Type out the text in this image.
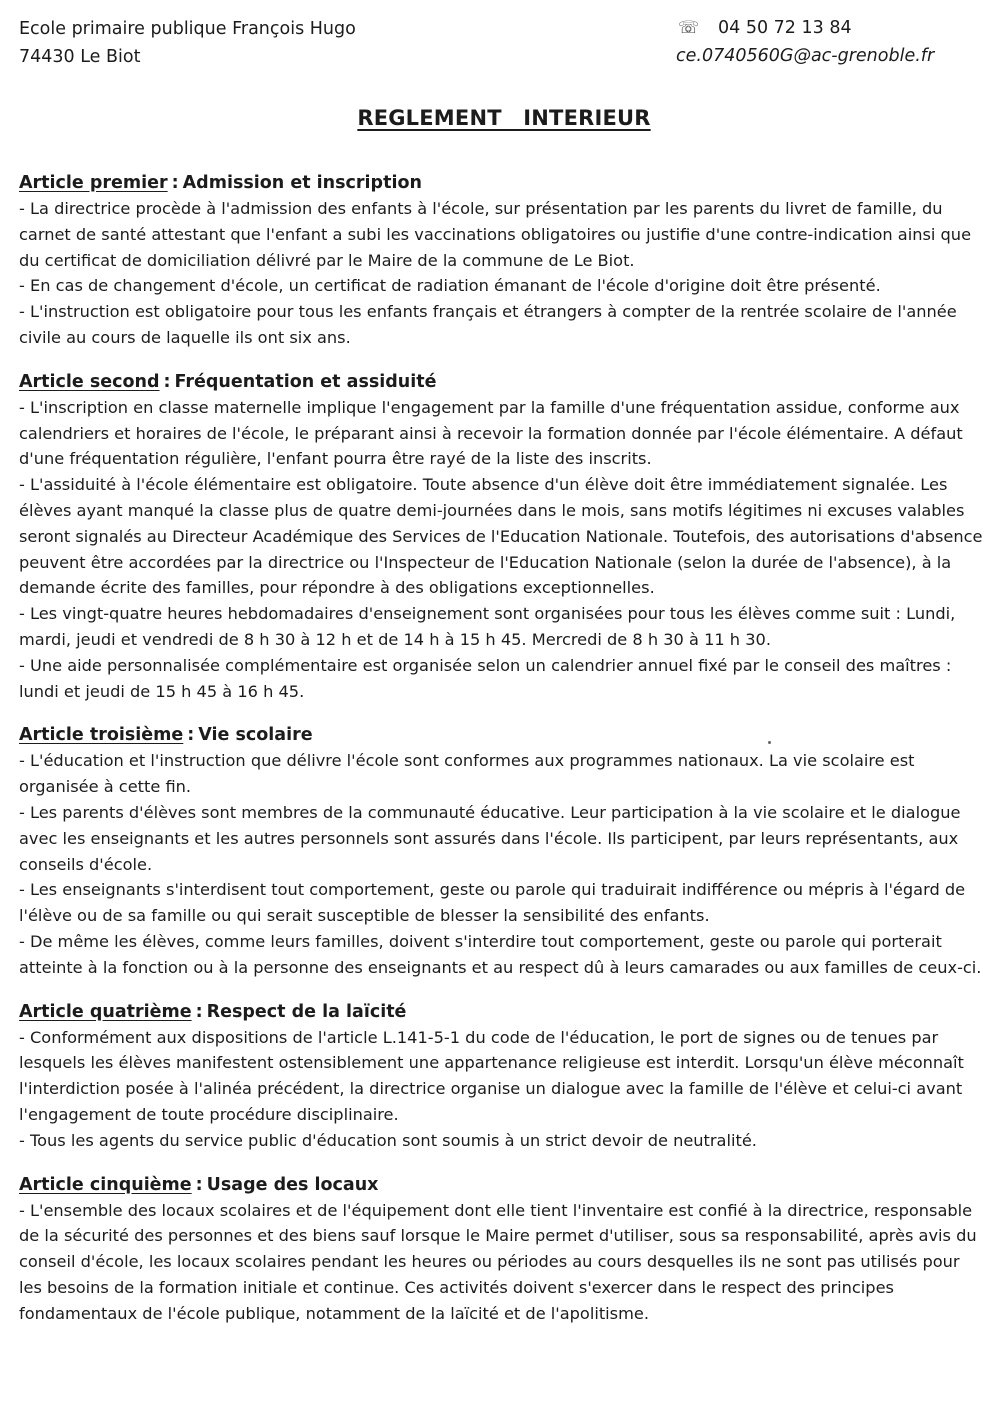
Ecole primaire publique François Hugo
74430 Le Biot
☏ 04 50 72 13 84
ce.0740560G@ac-grenoble.fr
REGLEMENT INTERIEUR
Article premier : Admission et inscription

- La directrice procède à l'admission des enfants à l'école, sur présentation par les parents du livret de famille, du carnet de santé attestant que l'enfant a subi les vaccinations obligatoires ou justifie d'une contre-indication ainsi que du certificat de domiciliation délivré par le Maire de la commune de Le Biot.

- En cas de changement d'école, un certificat de radiation émanant de l'école d'origine doit être présenté.

- L'instruction est obligatoire pour tous les enfants français et étrangers à compter de la rentrée scolaire de l'année civile au cours de laquelle ils ont six ans.

Article second : Fréquentation et assiduité

- L'inscription en classe maternelle implique l'engagement par la famille d'une fréquentation assidue, conforme aux calendriers et horaires de l'école, le préparant ainsi à recevoir la formation donnée par l'école élémentaire. A défaut d'une fréquentation régulière, l'enfant pourra être rayé de la liste des inscrits.

- L'assiduité à l'école élémentaire est obligatoire. Toute absence d'un élève doit être immédiatement signalée. Les élèves ayant manqué la classe plus de quatre demi-journées dans le mois, sans motifs légitimes ni excuses valables seront signalés au Directeur Académique des Services de l'Education Nationale. Toutefois, des autorisations d'absence peuvent être accordées par la directrice ou l'Inspecteur de l'Education Nationale (selon la durée de l'absence), à la demande écrite des familles, pour répondre à des obligations exceptionnelles.

- Les vingt-quatre heures hebdomadaires d'enseignement sont organisées pour tous les élèves comme suit : Lundi, mardi, jeudi et vendredi de 8 h 30 à 12 h et de 14 h à 15 h 45. Mercredi de 8 h 30 à 11 h 30.

- Une aide personnalisée complémentaire est organisée selon un calendrier annuel fixé par le conseil des maîtres : lundi et jeudi de 15 h 45 à 16 h 45.

Article troisième : Vie scolaire

- L'éducation et l'instruction que délivre l'école sont conformes aux programmes nationaux. La vie scolaire est organisée à cette fin.

- Les parents d'élèves sont membres de la communauté éducative. Leur participation à la vie scolaire et le dialogue avec les enseignants et les autres personnels sont assurés dans l'école. Ils participent, par leurs représentants, aux conseils d'école.

- Les enseignants s'interdisent tout comportement, geste ou parole qui traduirait indifférence ou mépris à l'égard de l'élève ou de sa famille ou qui serait susceptible de blesser la sensibilité des enfants.

- De même les élèves, comme leurs familles, doivent s'interdire tout comportement, geste ou parole qui porterait atteinte à la fonction ou à la personne des enseignants et au respect dû à leurs camarades ou aux familles de ceux-ci.

Article quatrième : Respect de la laïcité

- Conformément aux dispositions de l'article L.141-5-1 du code de l'éducation, le port de signes ou de tenues par lesquels les élèves manifestent ostensiblement une appartenance religieuse est interdit. Lorsqu'un élève méconnaît l'interdiction posée à l'alinéa précédent, la directrice organise un dialogue avec la famille de l'élève et celui-ci avant l'engagement de toute procédure disciplinaire.

- Tous les agents du service public d'éducation sont soumis à un strict devoir de neutralité.

Article cinquième : Usage des locaux

- L'ensemble des locaux scolaires et de l'équipement dont elle tient l'inventaire est confié à la directrice, responsable de la sécurité des personnes et des biens sauf lorsque le Maire permet d'utiliser, sous sa responsabilité, après avis du conseil d'école, les locaux scolaires pendant les heures ou périodes au cours desquelles ils ne sont pas utilisés pour les besoins de la formation initiale et continue. Ces activités doivent s'exercer dans le respect des principes fondamentaux de l'école publique, notamment de la laïcité et de l'apolitisme.
